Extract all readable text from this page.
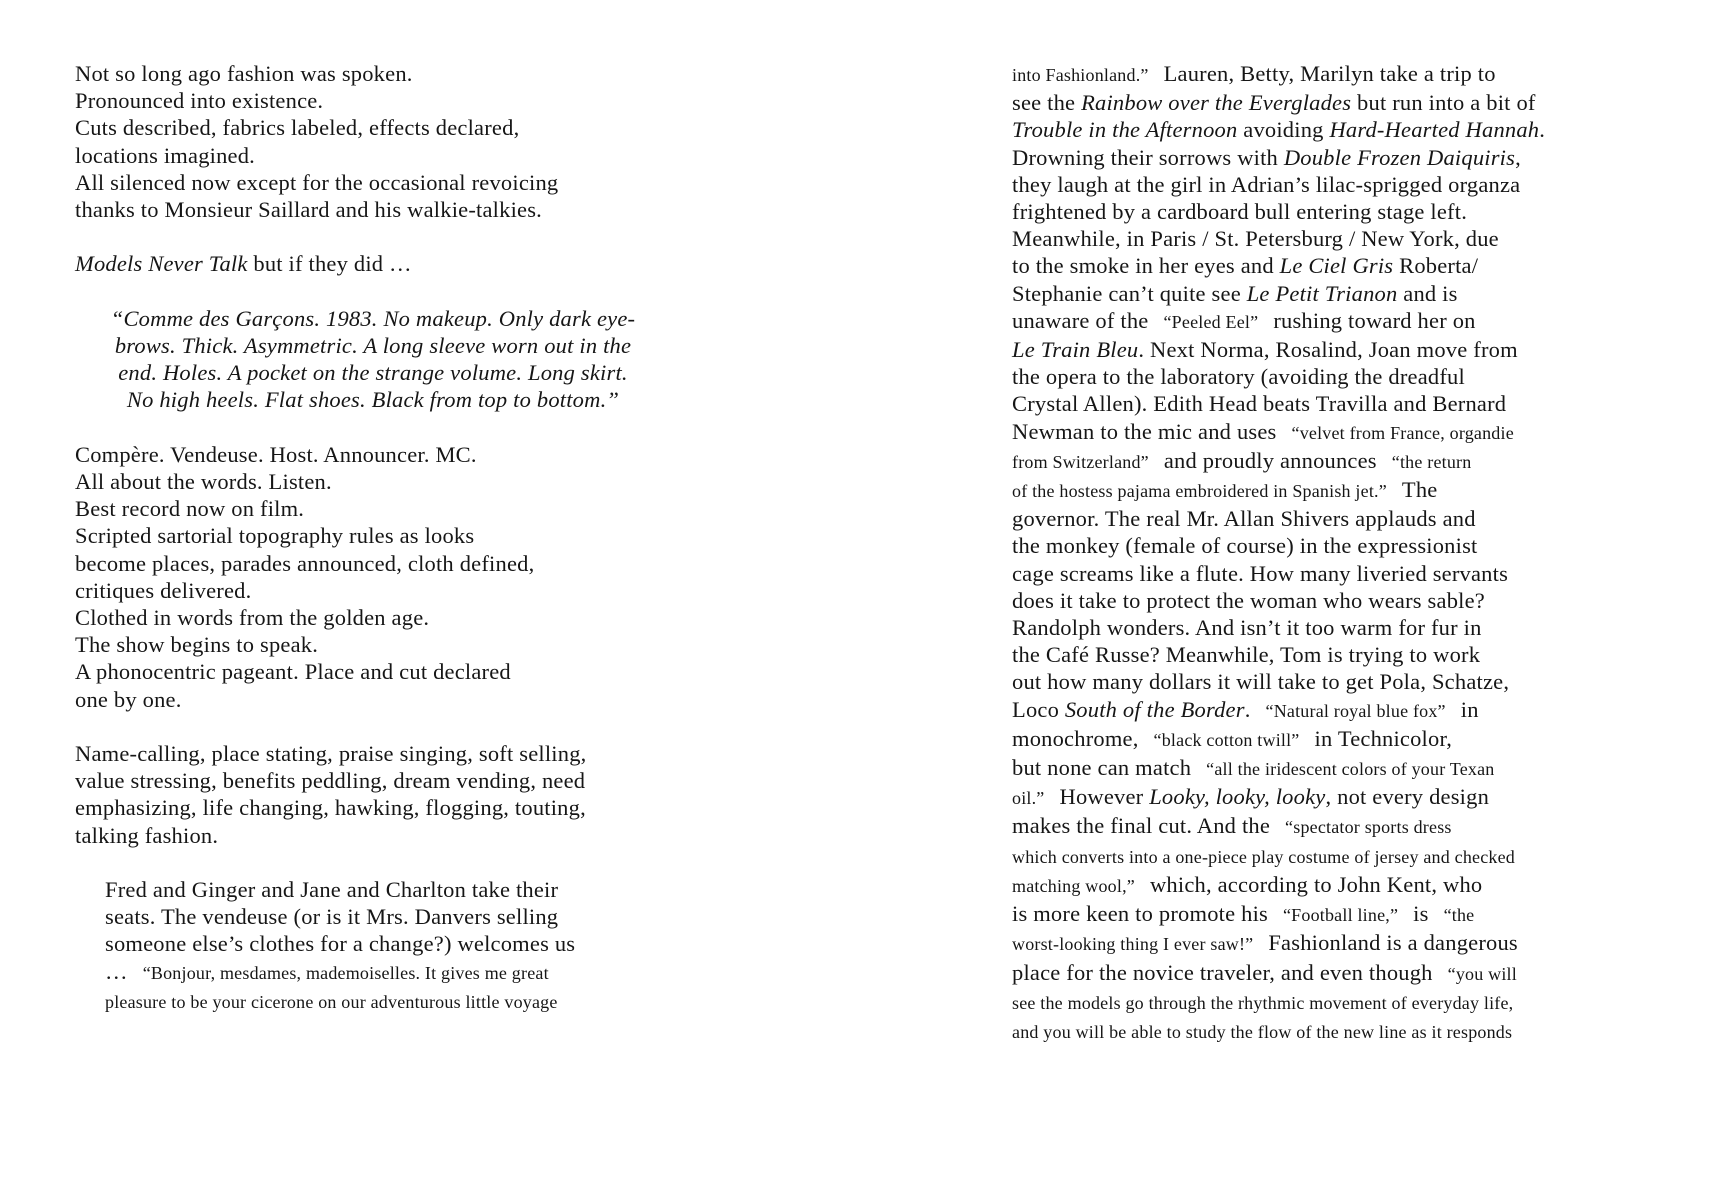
Not so long ago fashion was spoken.
Pronounced into existence.
Cuts described, fabrics labeled, effects declared,
locations imagined.
All silenced now except for the occasional revoicing
thanks to Monsieur Saillard and his walkie-talkies.
Models Never Talk but if they did …
“Comme des Garçons. 1983. No makeup. Only dark eye-
brows. Thick. Asymmetric. A long sleeve worn out in the
end. Holes. A pocket on the strange volume. Long skirt.
No high heels. Flat shoes. Black from top to bottom.”
Compère. Vendeuse. Host. Announcer. MC.
All about the words. Listen.
Best record now on film.
Scripted sartorial topography rules as looks
become places, parades announced, cloth defined,
critiques delivered.
Clothed in words from the golden age.
The show begins to speak.
A phonocentric pageant. Place and cut declared
one by one.
Name-calling, place stating, praise singing, soft selling,
value stressing, benefits peddling, dream vending, need
emphasizing, life changing, hawking, flogging, touting,
talking fashion.
Fred and Ginger and Jane and Charlton take their
seats. The vendeuse (or is it Mrs. Danvers selling
someone else’s clothes for a change?) welcomes us
… “Bonjour, mesdames, mademoiselles. It gives me great
pleasure to be your cicerone on our adventurous little voyage
into Fashionland.” Lauren, Betty, Marilyn take a trip to
see the Rainbow over the Everglades but run into a bit of
Trouble in the Afternoon avoiding Hard-Hearted Hannah.
Drowning their sorrows with Double Frozen Daiquiris,
they laugh at the girl in Adrian’s lilac-sprigged organza
frightened by a cardboard bull entering stage left.
Meanwhile, in Paris / St. Petersburg / New York, due
to the smoke in her eyes and Le Ciel Gris Roberta/
Stephanie can’t quite see Le Petit Trianon and is
unaware of the “Peeled Eel” rushing toward her on
Le Train Bleu. Next Norma, Rosalind, Joan move from
the opera to the laboratory (avoiding the dreadful
Crystal Allen). Edith Head beats Travilla and Bernard
Newman to the mic and uses “velvet from France, organdie
from Switzerland” and proudly announces “the return
of the hostess pajama embroidered in Spanish jet.” The
governor. The real Mr. Allan Shivers applauds and
the monkey (female of course) in the expressionist
cage screams like a flute. How many liveried servants
does it take to protect the woman who wears sable?
Randolph wonders. And isn’t it too warm for fur in
the Café Russe? Meanwhile, Tom is trying to work
out how many dollars it will take to get Pola, Schatze,
Loco South of the Border. “Natural royal blue fox” in
monochrome, “black cotton twill” in Technicolor,
but none can match “all the iridescent colors of your Texan
oil.” However Looky, looky, looky, not every design
makes the final cut. And the “spectator sports dress
which converts into a one-piece play costume of jersey and checked
matching wool,” which, according to John Kent, who
is more keen to promote his “Football line,” is “the
worst-looking thing I ever saw!” Fashionland is a dangerous
place for the novice traveler, and even though “you will
see the models go through the rhythmic movement of everyday life,
and you will be able to study the flow of the new line as it responds
